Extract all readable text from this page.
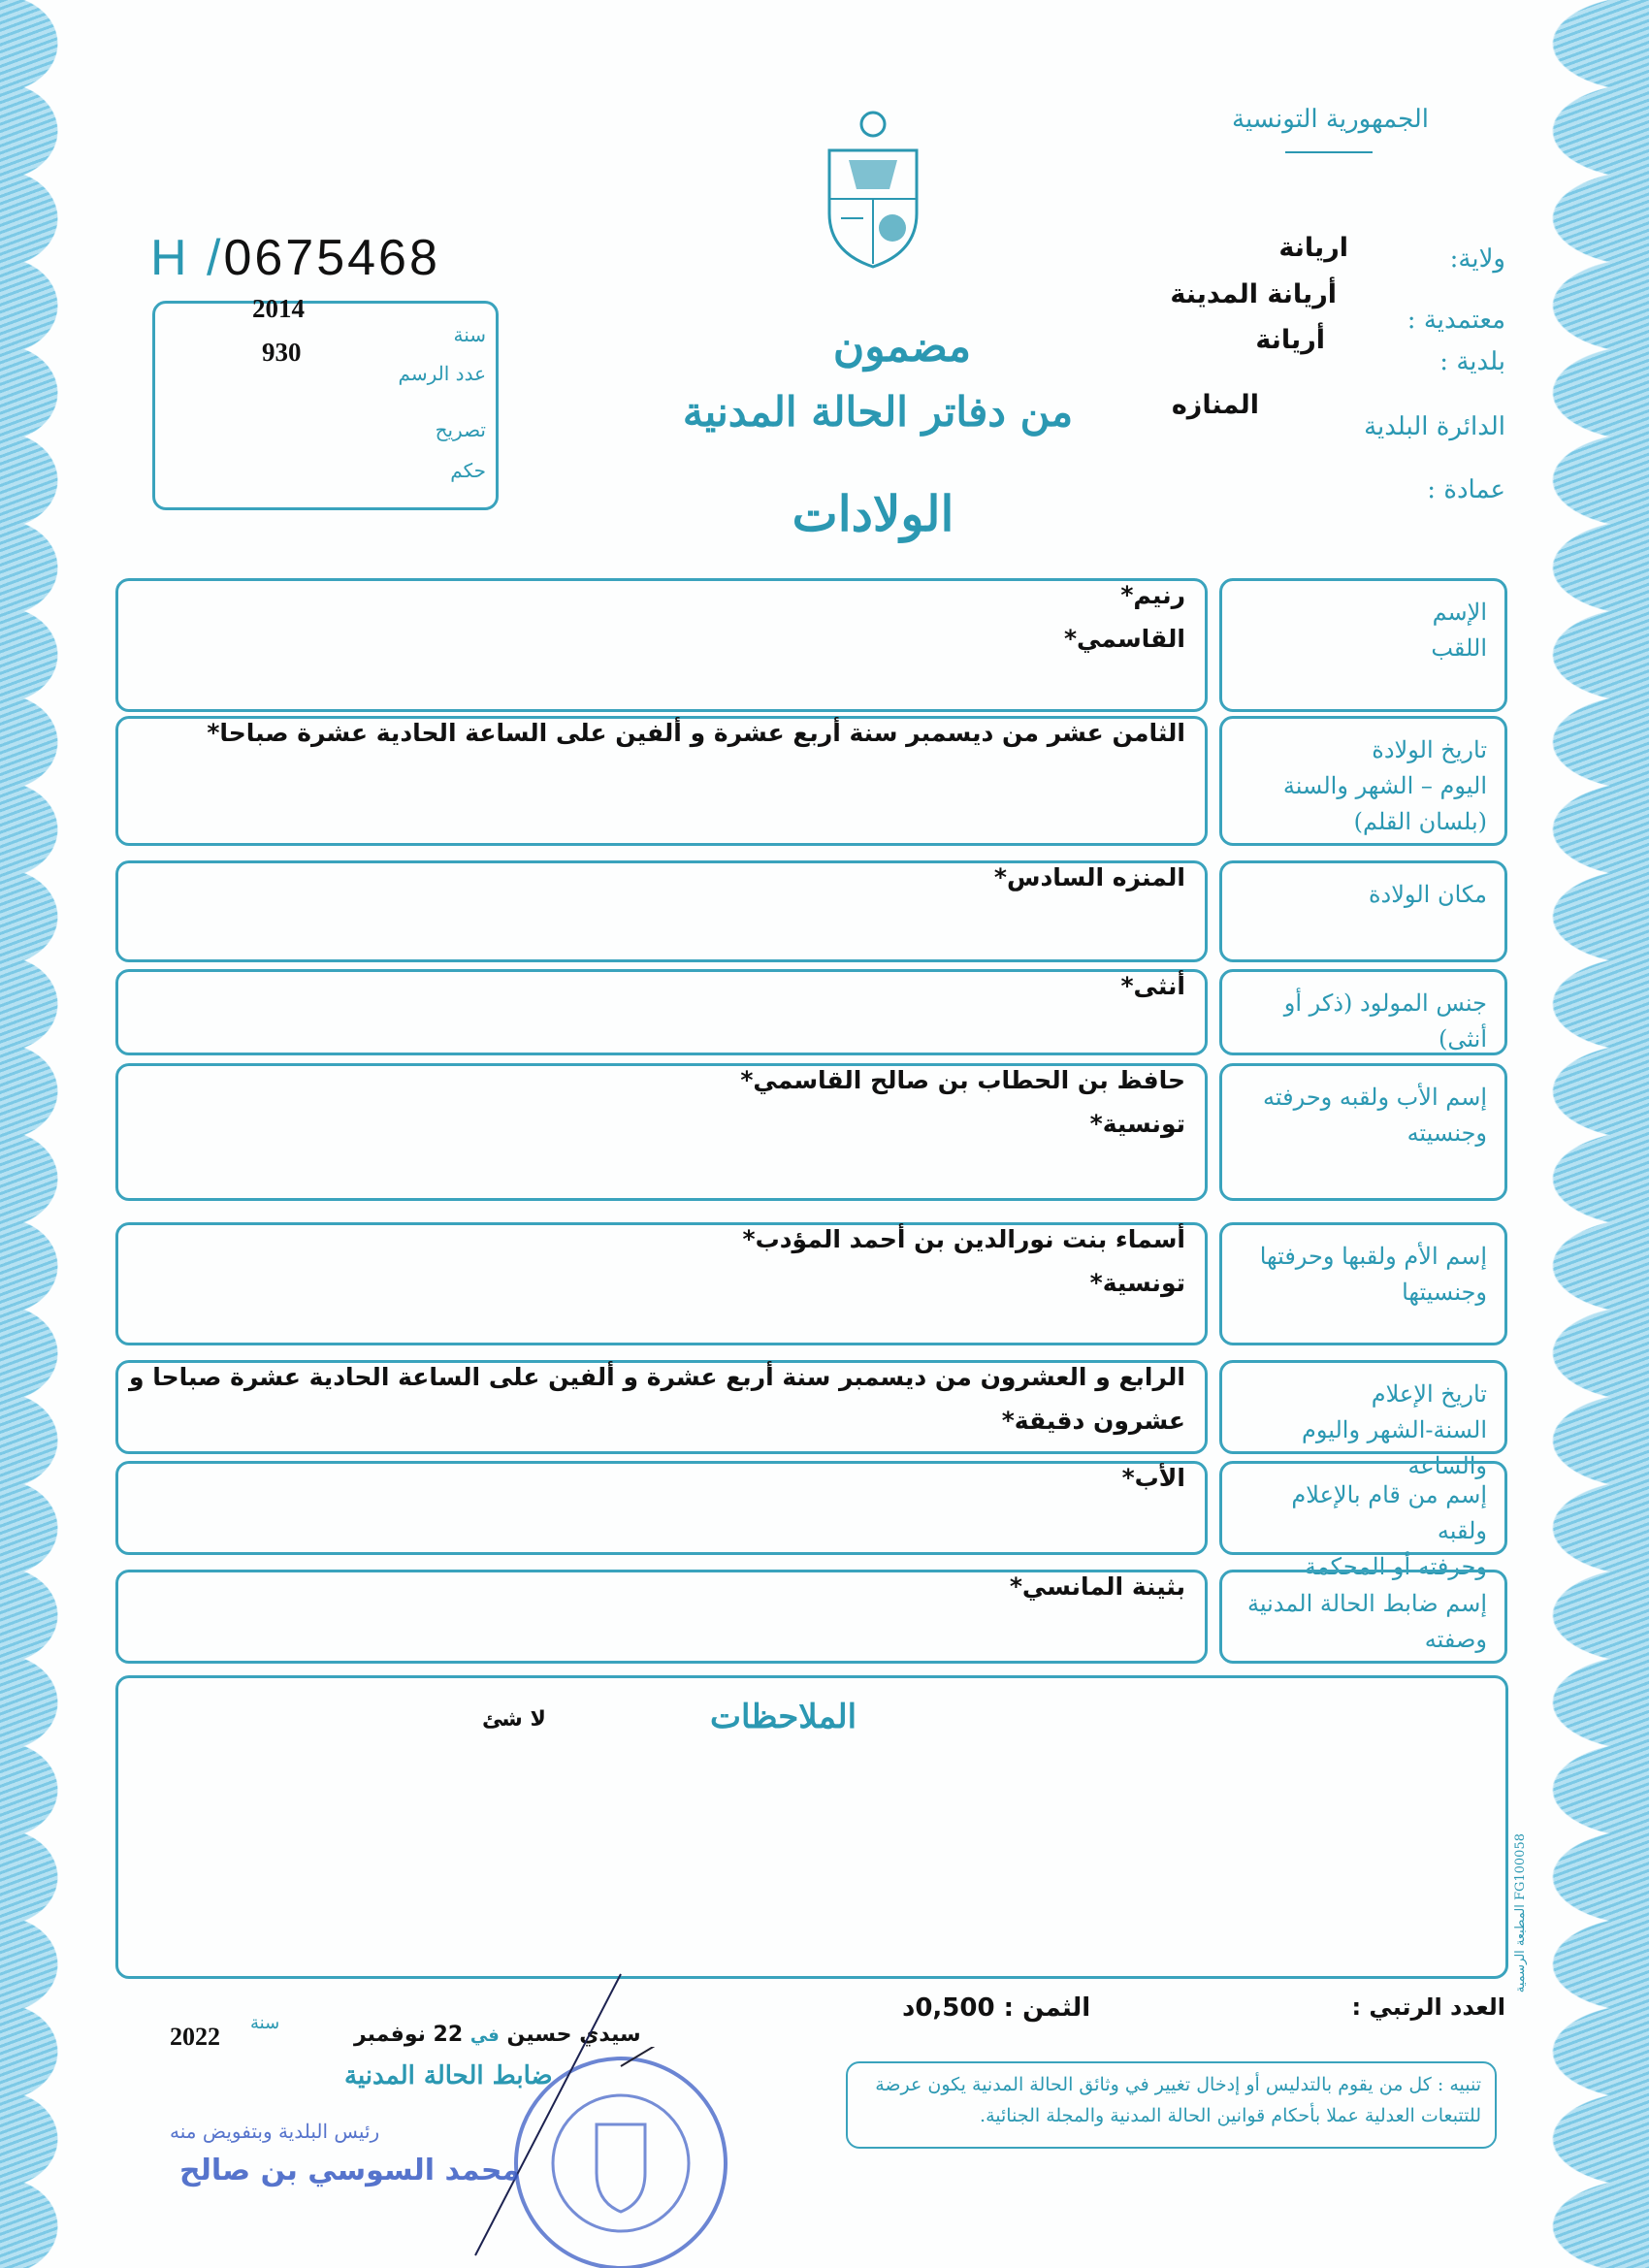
الجمهورية التونسية
H /0675468
2014
سنة
930
عدد الرسم
تصريح
حكم
مضمون
من دفاتر الحالة المدنية
الولادات
ولاية:
اريانة
أريانة المدينة
معتمدية :
أريانة
بلدية :
المنازه
الدائرة البلدية
عمادة :
رنيم*
القاسمي*
الإسم
اللقب
الثامن عشر من ديسمبر سنة أربع عشرة و ألفين على الساعة الحادية عشرة صباحا*
تاريخ الولادة
اليوم – الشهر والسنة
(بلسان القلم)
المنزه السادس*
مكان الولادة
أنثى*
جنس المولود (ذكر أو أنثى)
حافظ بن الحطاب بن صالح القاسمي*
تونسية*
إسم الأب ولقبه وحرفته
وجنسيته
أسماء بنت نورالدين بن أحمد المؤدب*
تونسية*
إسم الأم ولقبها وحرفتها
وجنسيتها
الرابع و العشرون من ديسمبر سنة أربع عشرة و ألفين على الساعة الحادية عشرة صباحا و عشرون دقيقة*
تاريخ الإعلام
السنة-الشهر واليوم والساعة
الأب*
إسم من قام بالإعلام ولقبه
وحرفته أو المحكمة
بثينة المانسي*
إسم ضابط الحالة المدنية
وصفته
الملاحظات
لا شئ
المطبعة الرسمية FG100058
العدد الرتبي :
الثمن : 0,500د
تنبيه : كل من يقوم بالتدليس أو إدخال تغيير في وثائق الحالة المدنية يكون عرضة للتتبعات العدلية عملا بأحكام قوانين الحالة المدنية والمجلة الجنائية.
2022 سنة	سيدي حسين في 22 نوفمبر
ضابط الحالة المدنية
رئيس البلدية وبتفويض منه
محمد السوسي بن صالح
